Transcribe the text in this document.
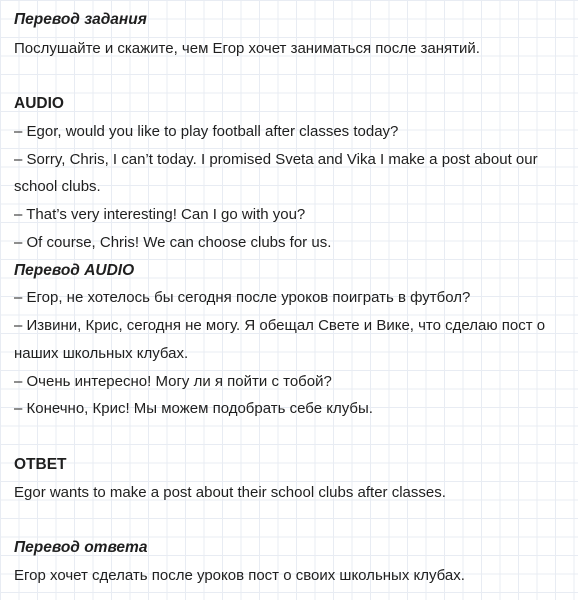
Перевод задания
Послушайте и скажите, чем Егор хочет заниматься после занятий.
AUDIO
– Egor, would you like to play football after classes today?
– Sorry, Chris, I can’t today. I promised Sveta and Vika I make a post about our
school clubs.
– That’s very interesting! Can I go with you?
– Of course, Chris! We can choose clubs for us.
Перевод AUDIO
– Егор, не хотелось бы сегодня после уроков поиграть в футбол?
– Извини, Крис, сегодня не могу. Я обещал Свете и Вике, что сделаю пост о
наших школьных клубах.
– Очень интересно! Могу ли я пойти с тобой?
– Конечно, Крис! Мы можем подобрать себе клубы.
ОТВЕТ
Egor wants to make a post about their school clubs after classes.
Перевод ответа
Егор хочет сделать после уроков пост о своих школьных клубах.
